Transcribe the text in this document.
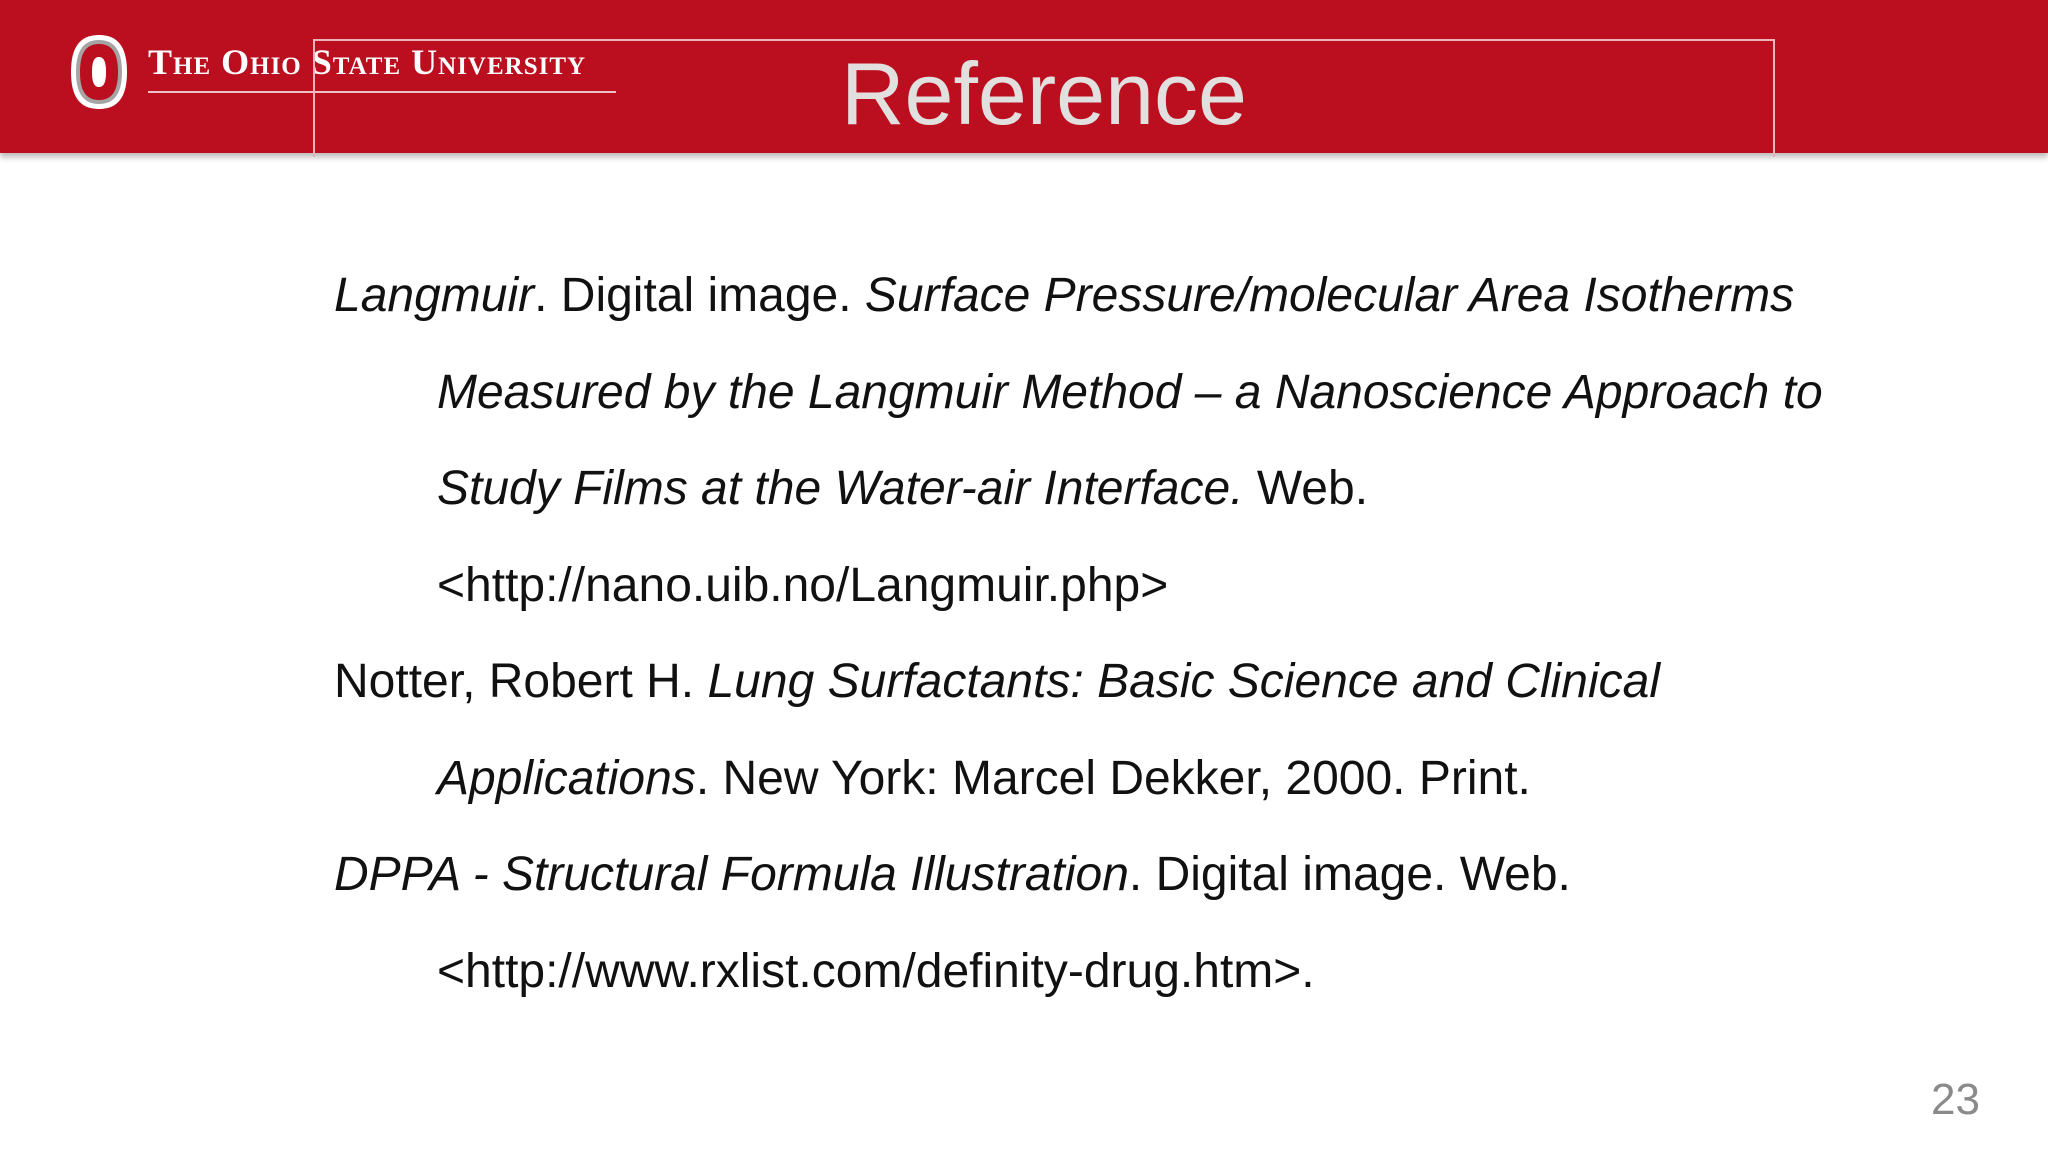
The Ohio State University	Reference

Langmuir. Digital image. Surface Pressure/molecular Area Isotherms Measured by the Langmuir Method – a Nanoscience Approach to Study Films at the Water-air Interface. Web. <http://nano.uib.no/Langmuir.php>

Notter, Robert H. Lung Surfactants: Basic Science and Clinical Applications. New York: Marcel Dekker, 2000. Print.

DPPA - Structural Formula Illustration. Digital image. Web. <http://www.rxlist.com/definity-drug.htm>.

23
